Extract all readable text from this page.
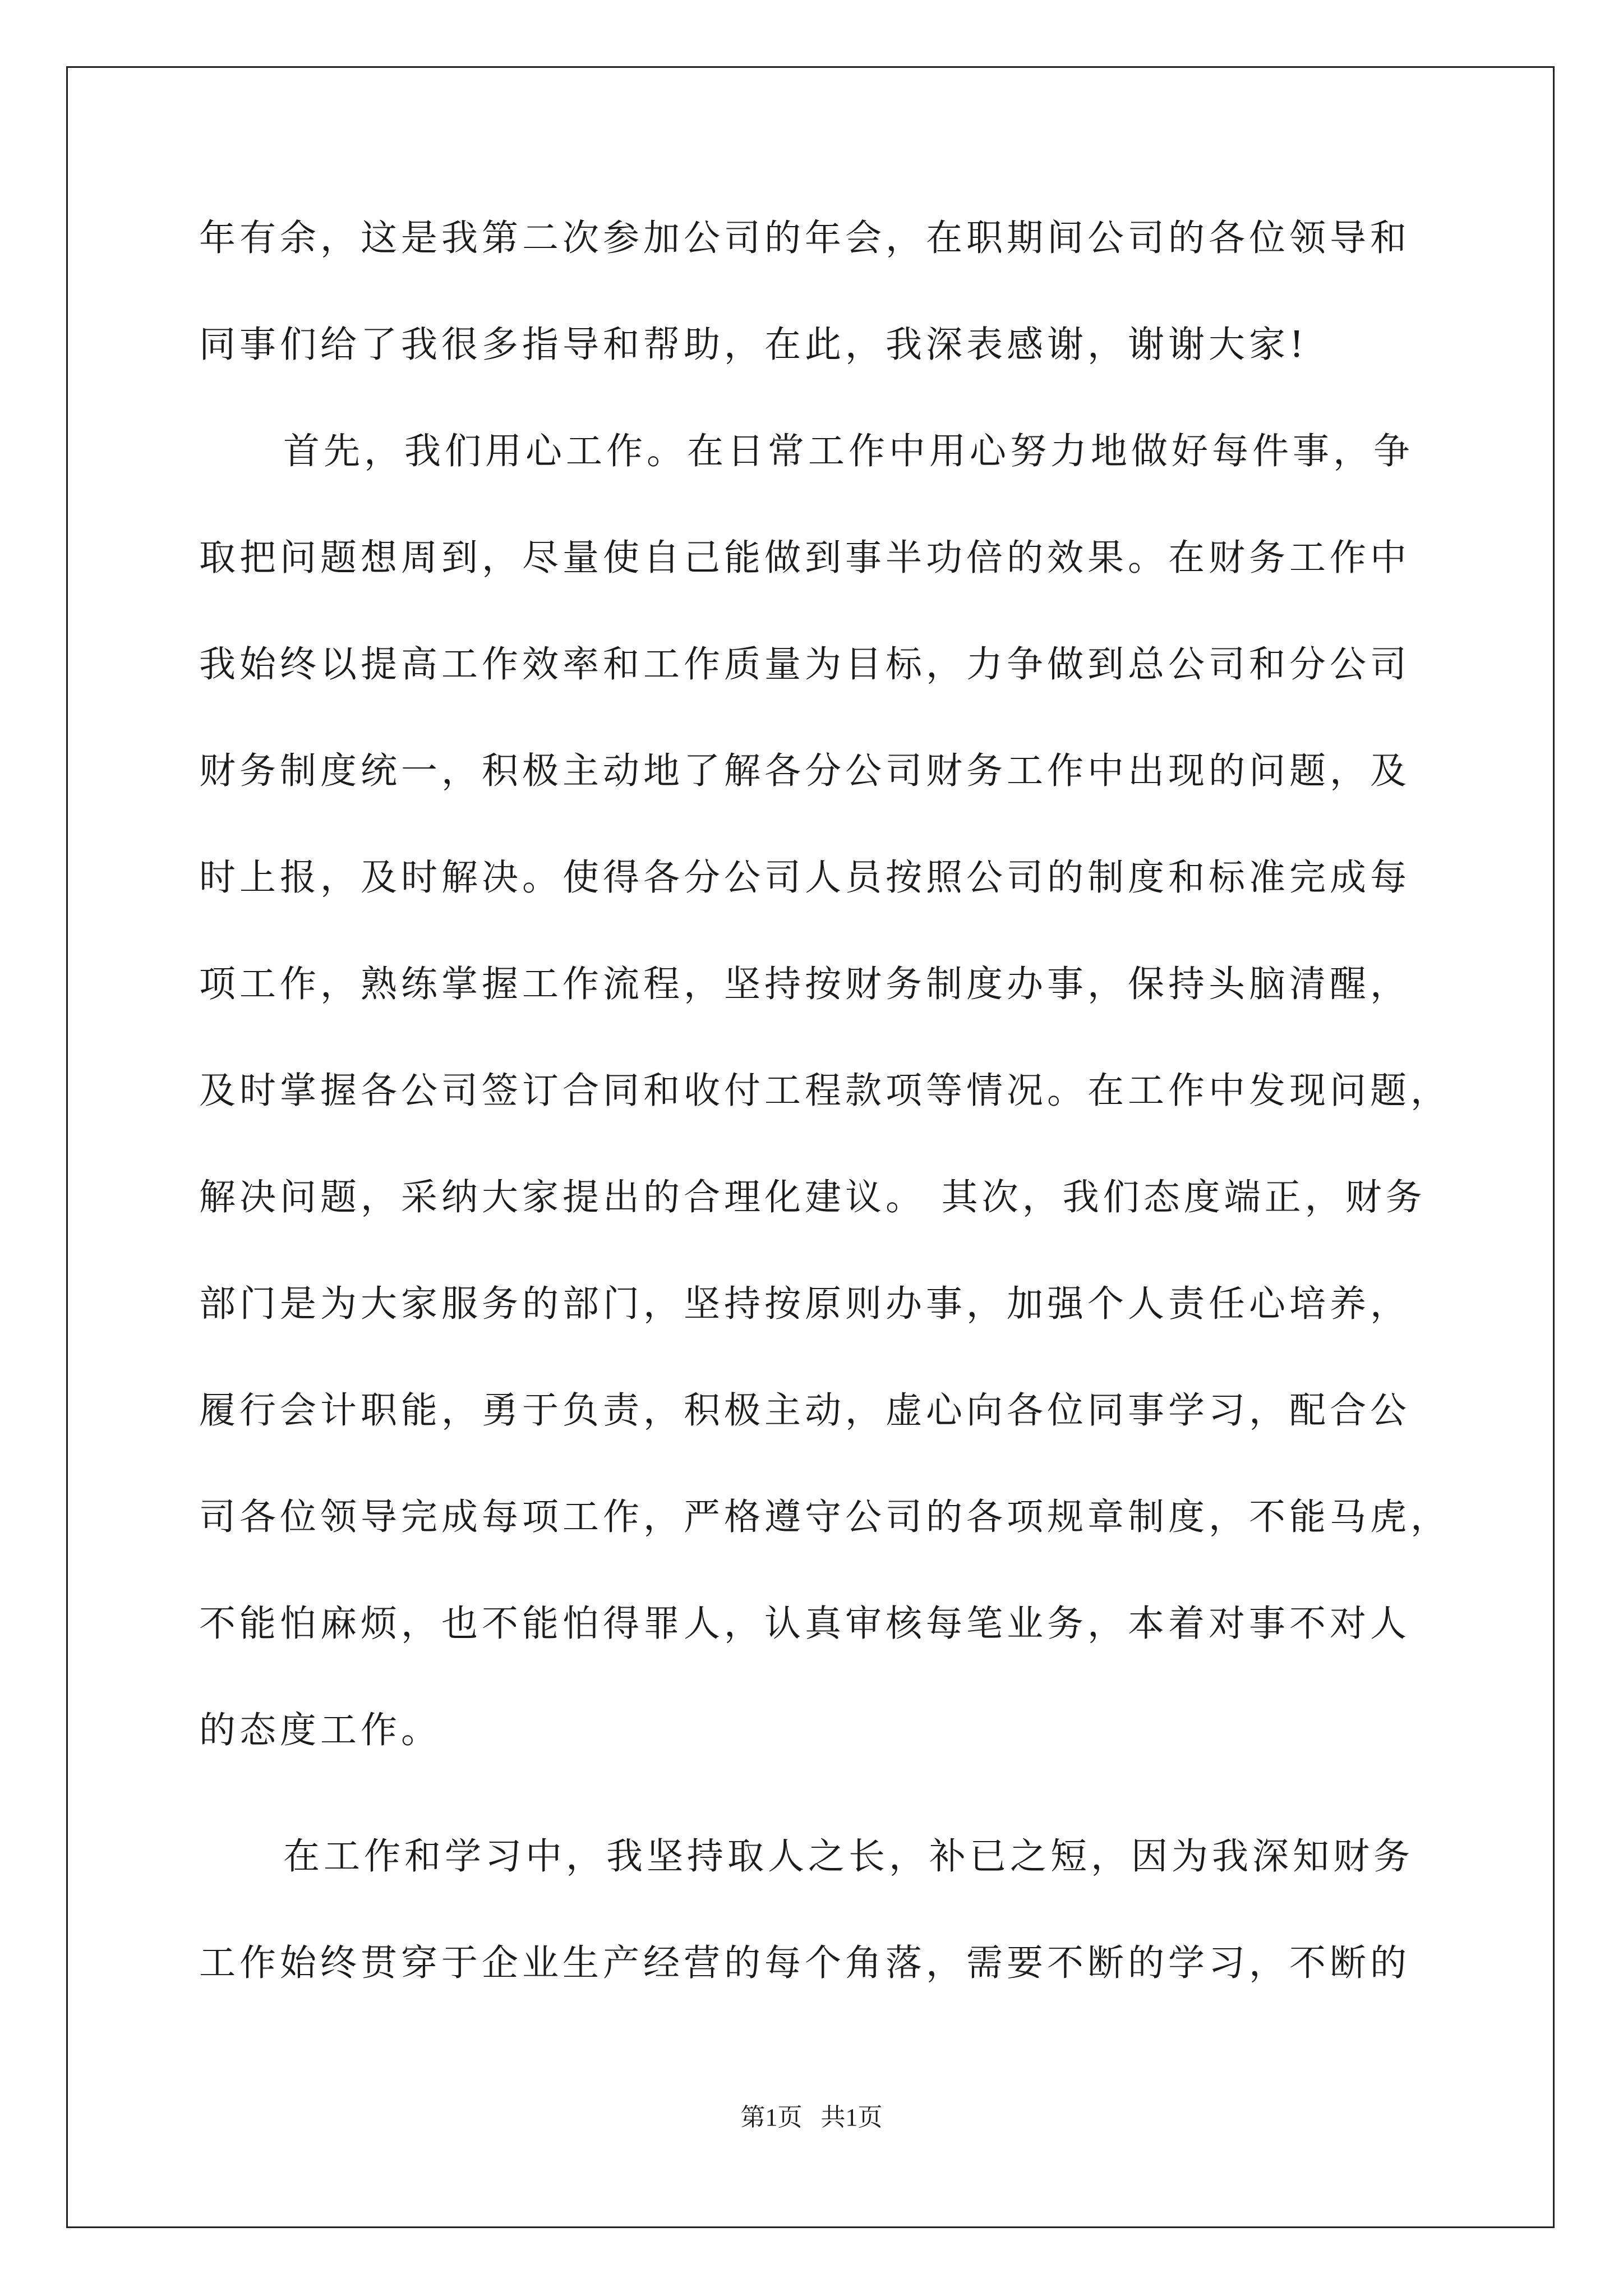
年有余，这是我第二次参加公司的年会，在职期间公司的各位领导和
同事们给了我很多指导和帮助，在此，我深表感谢，谢谢大家!
首先，我们用心工作。在日常工作中用心努力地做好每件事，争
取把问题想周到，尽量使自己能做到事半功倍的效果。在财务工作中
我始终以提高工作效率和工作质量为目标，力争做到总公司和分公司
财务制度统一，积极主动地了解各分公司财务工作中出现的问题，及
时上报，及时解决。使得各分公司人员按照公司的制度和标准完成每
项工作，熟练掌握工作流程，坚持按财务制度办事，保持头脑清醒，
及时掌握各公司签订合同和收付工程款项等情况。在工作中发现问题，
解决问题，采纳大家提出的合理化建议。 其次，我们态度端正，财务
部门是为大家服务的部门，坚持按原则办事，加强个人责任心培养，
履行会计职能，勇于负责，积极主动，虚心向各位同事学习，配合公
司各位领导完成每项工作，严格遵守公司的各项规章制度，不能马虎，
不能怕麻烦，也不能怕得罪人，认真审核每笔业务，本着对事不对人
的态度工作。
在工作和学习中，我坚持取人之长，补已之短，因为我深知财务
工作始终贯穿于企业生产经营的每个角落，需要不断的学习，不断的
第1页   共1页
